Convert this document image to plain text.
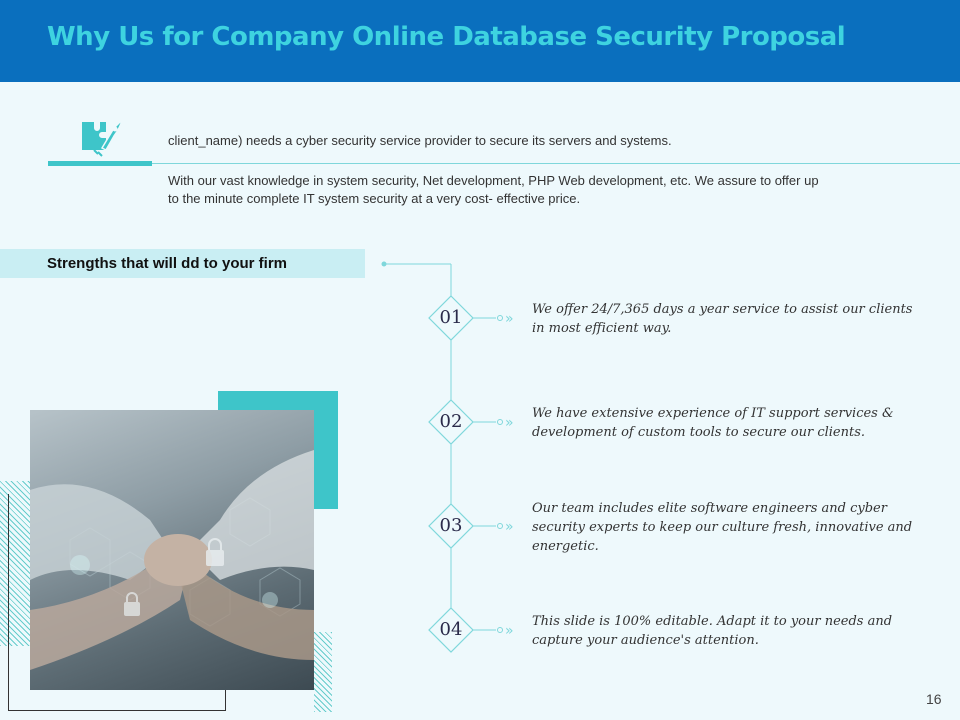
Why Us for Company Online Database Security Proposal
client_name) needs a cyber security service provider to secure its servers and systems.
With our vast knowledge in system security, Net development, PHP Web development, etc. We assure to offer up to the minute complete IT system security at a very cost- effective price.
Strengths that will dd to your firm
»
»
»
»
01
02
03
04
We offer 24/7,365 days a year service to assist our clients in most efficient way.
We have extensive experience of IT support services & development of custom tools to secure our clients.
Our team includes elite software engineers and cyber security experts to keep our culture fresh, innovative and energetic.
This slide is 100% editable. Adapt it to your needs and capture your audience's attention.
16
